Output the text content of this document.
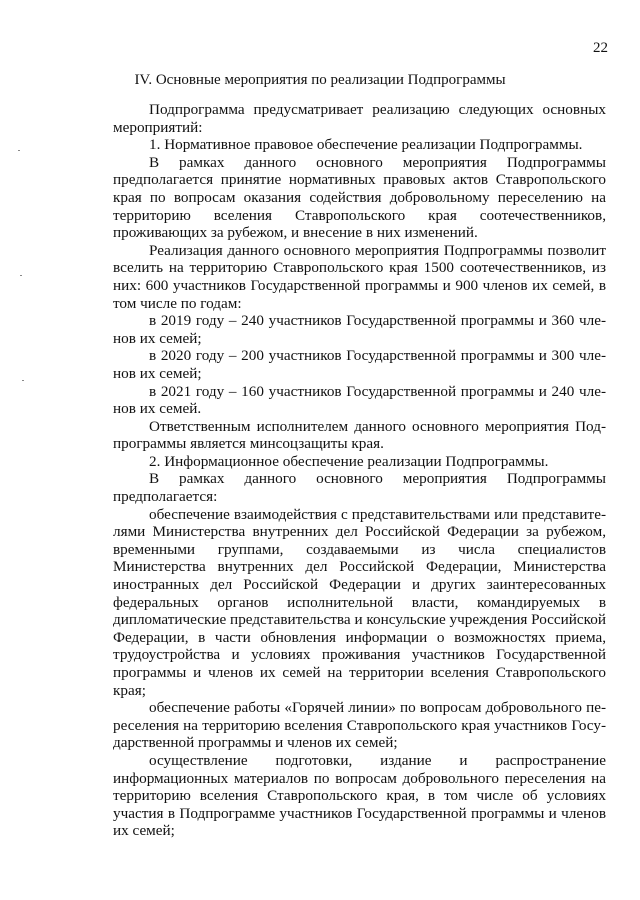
22
IV. Основные мероприятия по реализации Подпрограммы

Подпрограмма предусматривает реализацию следующих основных мероприятий:

1. Нормативное правовое обеспечение реализации Подпрограммы.

В рамках данного основного мероприятия Подпрограммы предполагается принятие нормативных правовых актов Ставропольского края по вопросам оказания содействия добровольному переселению на территорию вселения Ставропольского края соотечественников, проживающих за рубежом, и внесение в них изменений.

Реализация данного основного мероприятия Подпрограммы позволит вселить на территорию Ставропольского края 1500 соотечественников, из них: 600 участников Государственной программы и 900 членов их семей, в том числе по годам:

в 2019 году – 240 участников Государственной программы и 360 членов их семей;

в 2020 году – 200 участников Государственной программы и 300 членов их семей;

в 2021 году – 160 участников Государственной программы и 240 членов их семей.

Ответственным исполнителем данного основного мероприятия Подпрограммы является минсоцзащиты края.

2. Информационное обеспечение реализации Подпрограммы.

В рамках данного основного мероприятия Подпрограммы предполагается:

обеспечение взаимодействия с представительствами или представителями Министерства внутренних дел Российской Федерации за рубежом, временными группами, создаваемыми из числа специалистов Министерства внутренних дел Российской Федерации, Министерства иностранных дел Российской Федерации и других заинтересованных федеральных органов исполнительной власти, командируемых в дипломатические представительства и консульские учреждения Российской Федерации, в части обновления информации о возможностях приема, трудоустройства и условиях проживания участников Государственной программы и членов их семей на территории вселения Ставропольского края;

обеспечение работы «Горячей линии» по вопросам добровольного переселения на территорию вселения Ставропольского края участников Государственной программы и членов их семей;

осуществление подготовки, издание и распространение информационных материалов по вопросам добровольного переселения на территорию вселения Ставропольского края, в том числе об условиях участия в Подпрограмме участников Государственной программы и членов их семей;
